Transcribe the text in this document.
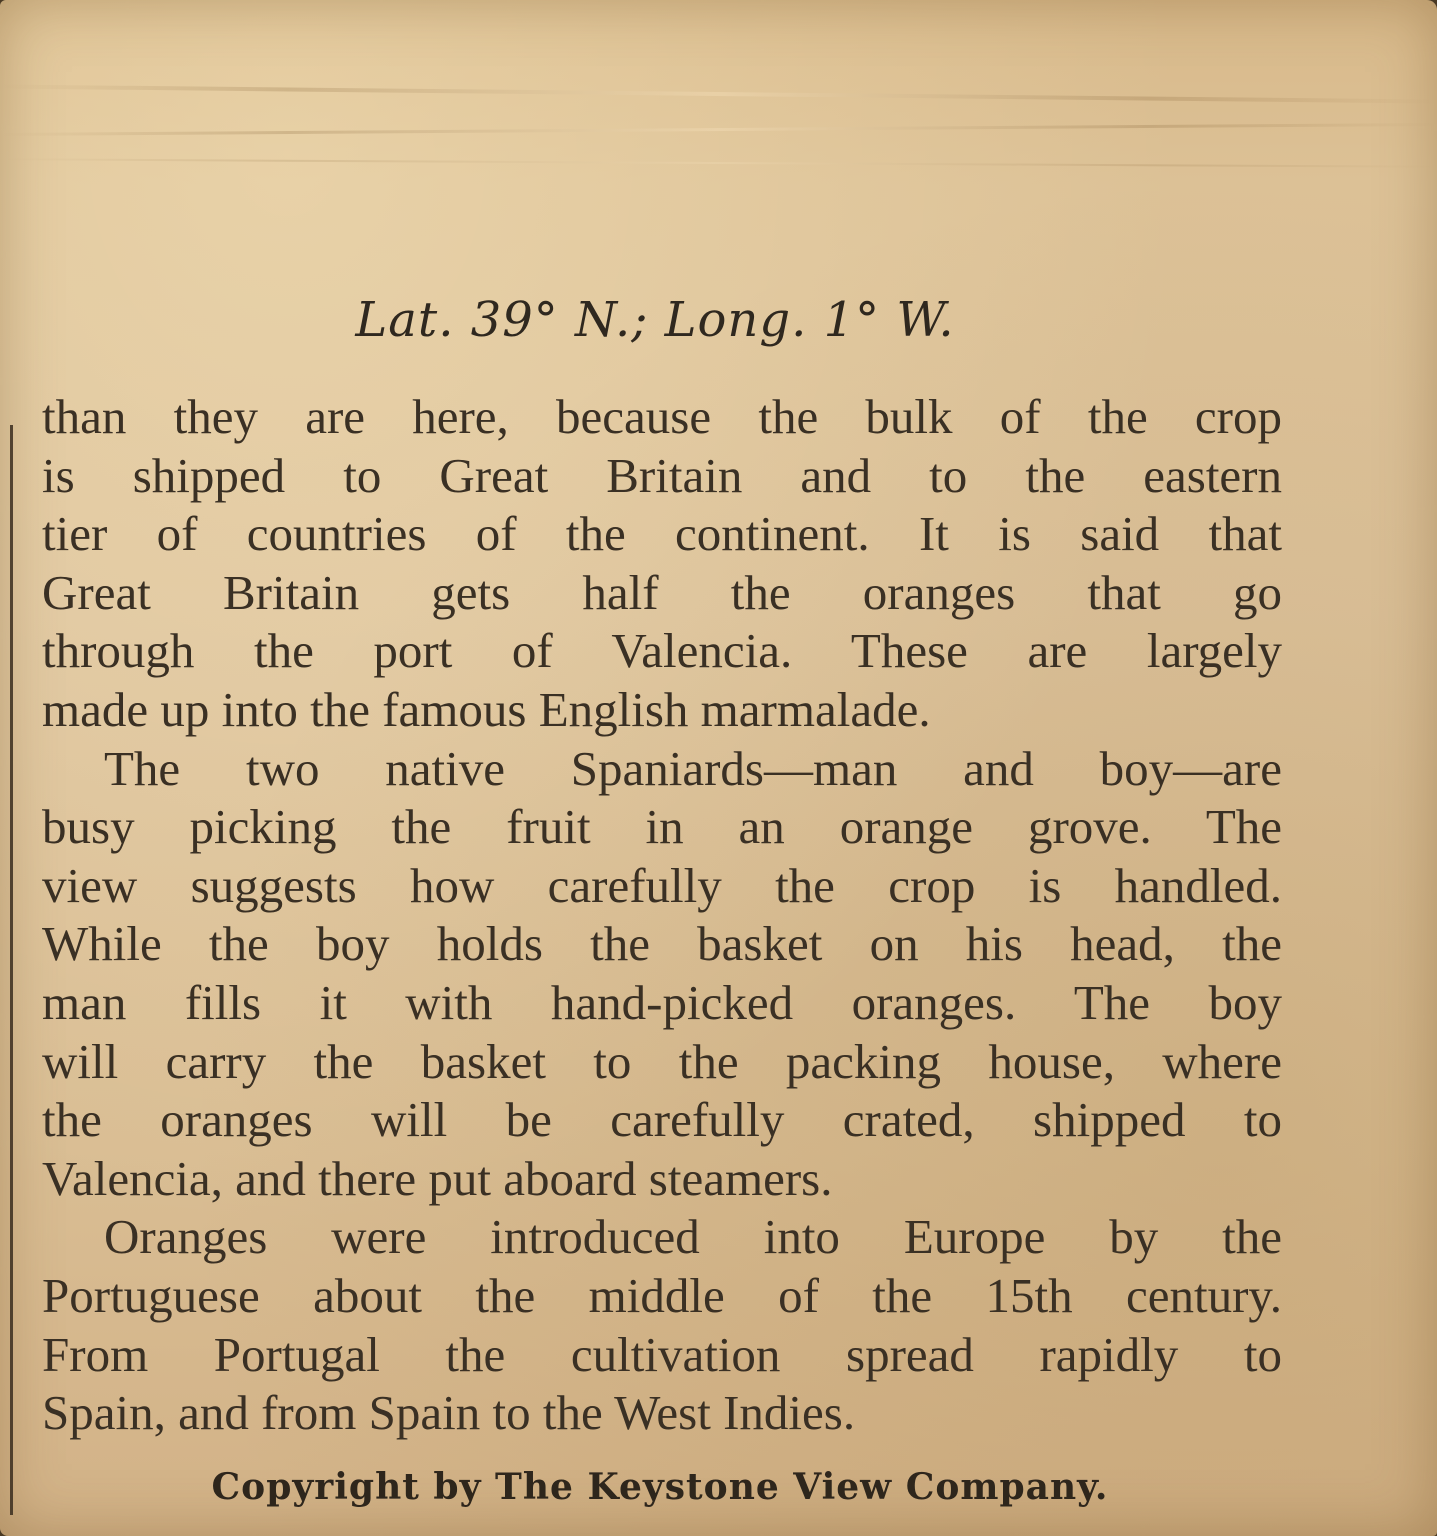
Lat. 39° N.; Long. 1° W.
than they are here, because the bulk of the crop
is shipped to Great Britain and to the eastern
tier of countries of the continent. It is said that
Great Britain gets half the oranges that go
through the port of Valencia. These are largely
made up into the famous English marmalade.
The two native Spaniards—man and boy—are
busy picking the fruit in an orange grove. The
view suggests how carefully the crop is handled.
While the boy holds the basket on his head, the
man fills it with hand-picked oranges. The boy
will carry the basket to the packing house, where
the oranges will be carefully crated, shipped to
Valencia, and there put aboard steamers.
Oranges were introduced into Europe by the
Portuguese about the middle of the 15th century.
From Portugal the cultivation spread rapidly to
Spain, and from Spain to the West Indies.
Copyright by The Keystone View Company.
